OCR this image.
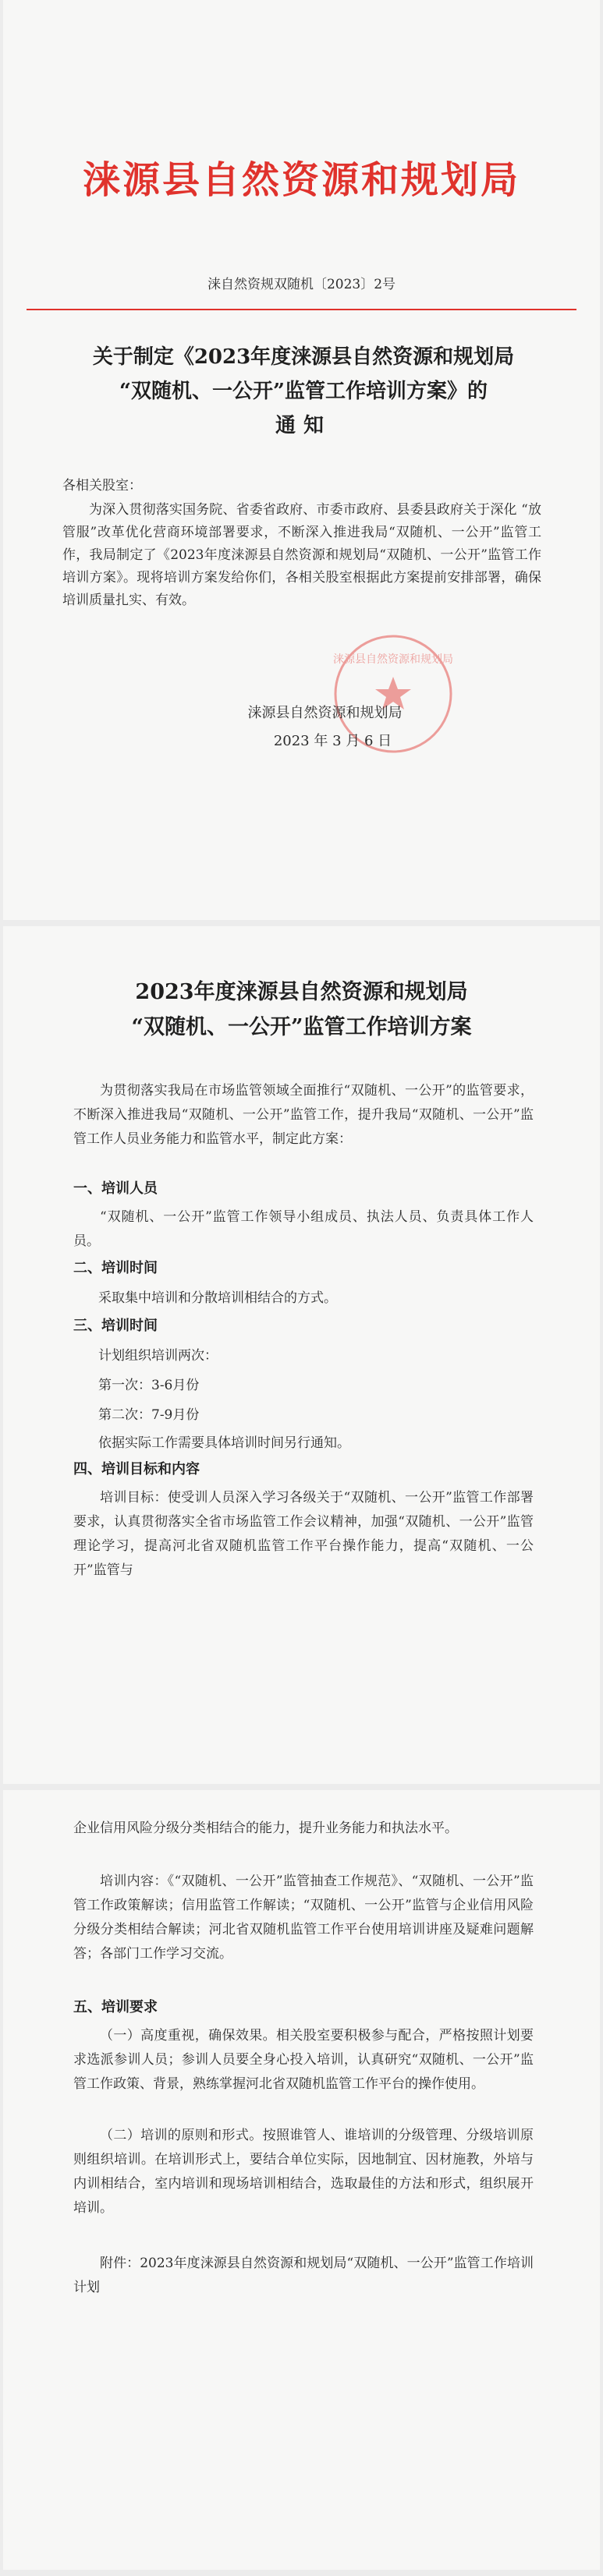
涞源县自然资源和规划局
涞自然资规双随机〔2023〕2号
关于制定《2023年度涞源县自然资源和规划局
“双随机、一公开”监管工作培训方案》的
通知
各相关股室：
为深入贯彻落实国务院、省委省政府、市委市政府、县委县政府关于深化 “放管服”改革优化营商环境部署要求，不断深入推进我局“双随机、一公开”监管工作，我局制定了《2023年度涞源县自然资源和规划局“双随机、一公开”监管工作培训方案》。现将培训方案发给你们，各相关股室根据此方案提前安排部署，确保培训质量扎实、有效。
涞源县自然资源和规划局
涞源县自然资源和规划局
2023 年 3 月 6 日
2023年度涞源县自然资源和规划局
“双随机、一公开”监管工作培训方案
为贯彻落实我局在市场监管领域全面推行“双随机、一公开”的监管要求，不断深入推进我局“双随机、一公开”监管工作，提升我局“双随机、一公开”监管工作人员业务能力和监管水平，制定此方案：
一、培训人员
“双随机、一公开”监管工作领导小组成员、执法人员、负责具体工作人员。
二、培训时间
采取集中培训和分散培训相结合的方式。
三、培训时间
计划组织培训两次：
第一次：3-6月份
第二次：7-9月份
依据实际工作需要具体培训时间另行通知。
四、培训目标和内容
培训目标：使受训人员深入学习各级关于“双随机、一公开”监管工作部署要求，认真贯彻落实全省市场监管工作会议精神，加强“双随机、一公开”监管理论学习，提高河北省双随机监管工作平台操作能力，提高“双随机、一公开”监管与
企业信用风险分级分类相结合的能力，提升业务能力和执法水平。
培训内容：《“双随机、一公开”监管抽查工作规范》、“双随机、一公开”监管工作政策解读；信用监管工作解读；“双随机、一公开”监管与企业信用风险分级分类相结合解读；河北省双随机监管工作平台使用培训讲座及疑难问题解答；各部门工作学习交流。
五、培训要求
（一）高度重视，确保效果。相关股室要积极参与配合，严格按照计划要求选派参训人员；参训人员要全身心投入培训，认真研究“双随机、一公开”监管工作政策、背景，熟练掌握河北省双随机监管工作平台的操作使用。
（二）培训的原则和形式。按照谁管人、谁培训的分级管理、分级培训原则组织培训。在培训形式上，要结合单位实际，因地制宜、因材施教，外培与内训相结合，室内培训和现场培训相结合，选取最佳的方法和形式，组织展开培训。
附件：2023年度涞源县自然资源和规划局“双随机、一公开”监管工作培训计划
